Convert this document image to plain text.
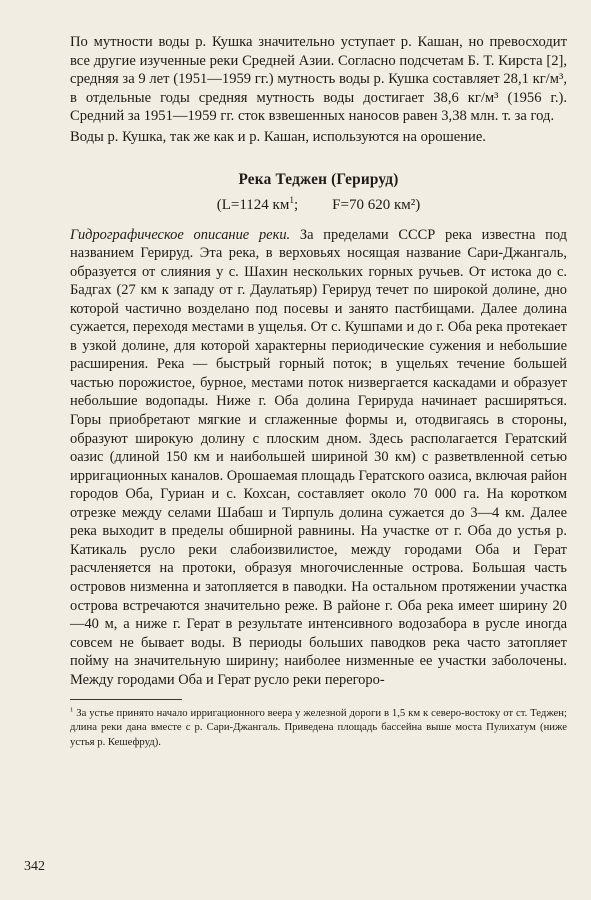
По мутности воды р. Кушка значительно уступает р. Кашан, но превосходит все другие изученные реки Средней Азии. Согласно подсчетам Б. Т. Кирста [2], средняя за 9 лет (1951—1959 гг.) мутность воды р. Кушка составляет 28,1 кг/м³, в отдельные годы средняя мутность воды достигает 38,6 кг/м³ (1956 г.). Средний за 1951—1959 гг. сток взвешенных наносов равен 3,38 млн. т. за год.

Воды р. Кушка, так же как и р. Кашан, используются на орошение.

Река Теджен (Герируд)
(L=1124 $км^1$; F=70 620 км²)

Гидрографическое описание реки. За пределами СССР река известна под названием Герируд. Эта река, в верховьях носящая название Сари-Джангаль, образуется от слияния у с. Шахин нескольких горных ручьев. От истока до с. Бадгах (27 км к западу от г. Даулатьяр) Герируд течет по широкой долине, дно которой частично возделано под посевы и занято пастбищами. Далее долина сужается, переходя местами в ущелья. От с. Кушпами и до г. Оба река протекает в узкой долине, для которой характерны периодические сужения и небольшие расширения. Река — быстрый горный поток; в ущельях течение большей частью порожистое, бурное, местами поток низвергается каскадами и образует небольшие водопады. Ниже г. Оба долина Герируда начинает расширяться. Горы приобретают мягкие и сглаженные формы и, отодвигаясь в стороны, образуют широкую долину с плоским дном. Здесь располагается Гератский оазис (длиной 150 км и наибольшей шириной 30 км) с разветвленной сетью ирригационных каналов. Орошаемая площадь Гератского оазиса, включая район городов Оба, Гуриан и с. Кохсан, составляет около 70 000 га. На коротком отрезке между селами Шабаш и Тирпуль долина сужается до 3—4 км. Далее река выходит в пределы обширной равнины. На участке от г. Оба до устья р. Катикаль русло реки слабоизвилистое, между городами Оба и Герат расчленяется на протоки, образуя многочисленные острова. Большая часть островов низменна и затопляется в паводки. На остальном протяжении участка острова встречаются значительно реже. В районе г. Оба река имеет ширину 20—40 м, а ниже г. Герат в результате интенсивного водозабора в русле иногда совсем не бывает воды. В периоды больших паводков река часто затопляет пойму на значительную ширину; наиболее низменные ее участки заболочены. Между городами Оба и Герат русло реки перегоро-

$^1$ За устье принято начало ирригационного веера у железной дороги в 1,5 км к северо-востоку от ст. Теджен; длина реки дана вместе с р. Сари-Джангаль. Приведена площадь бассейна выше моста Пулихатум (ниже устья р. Кешефруд).

342
